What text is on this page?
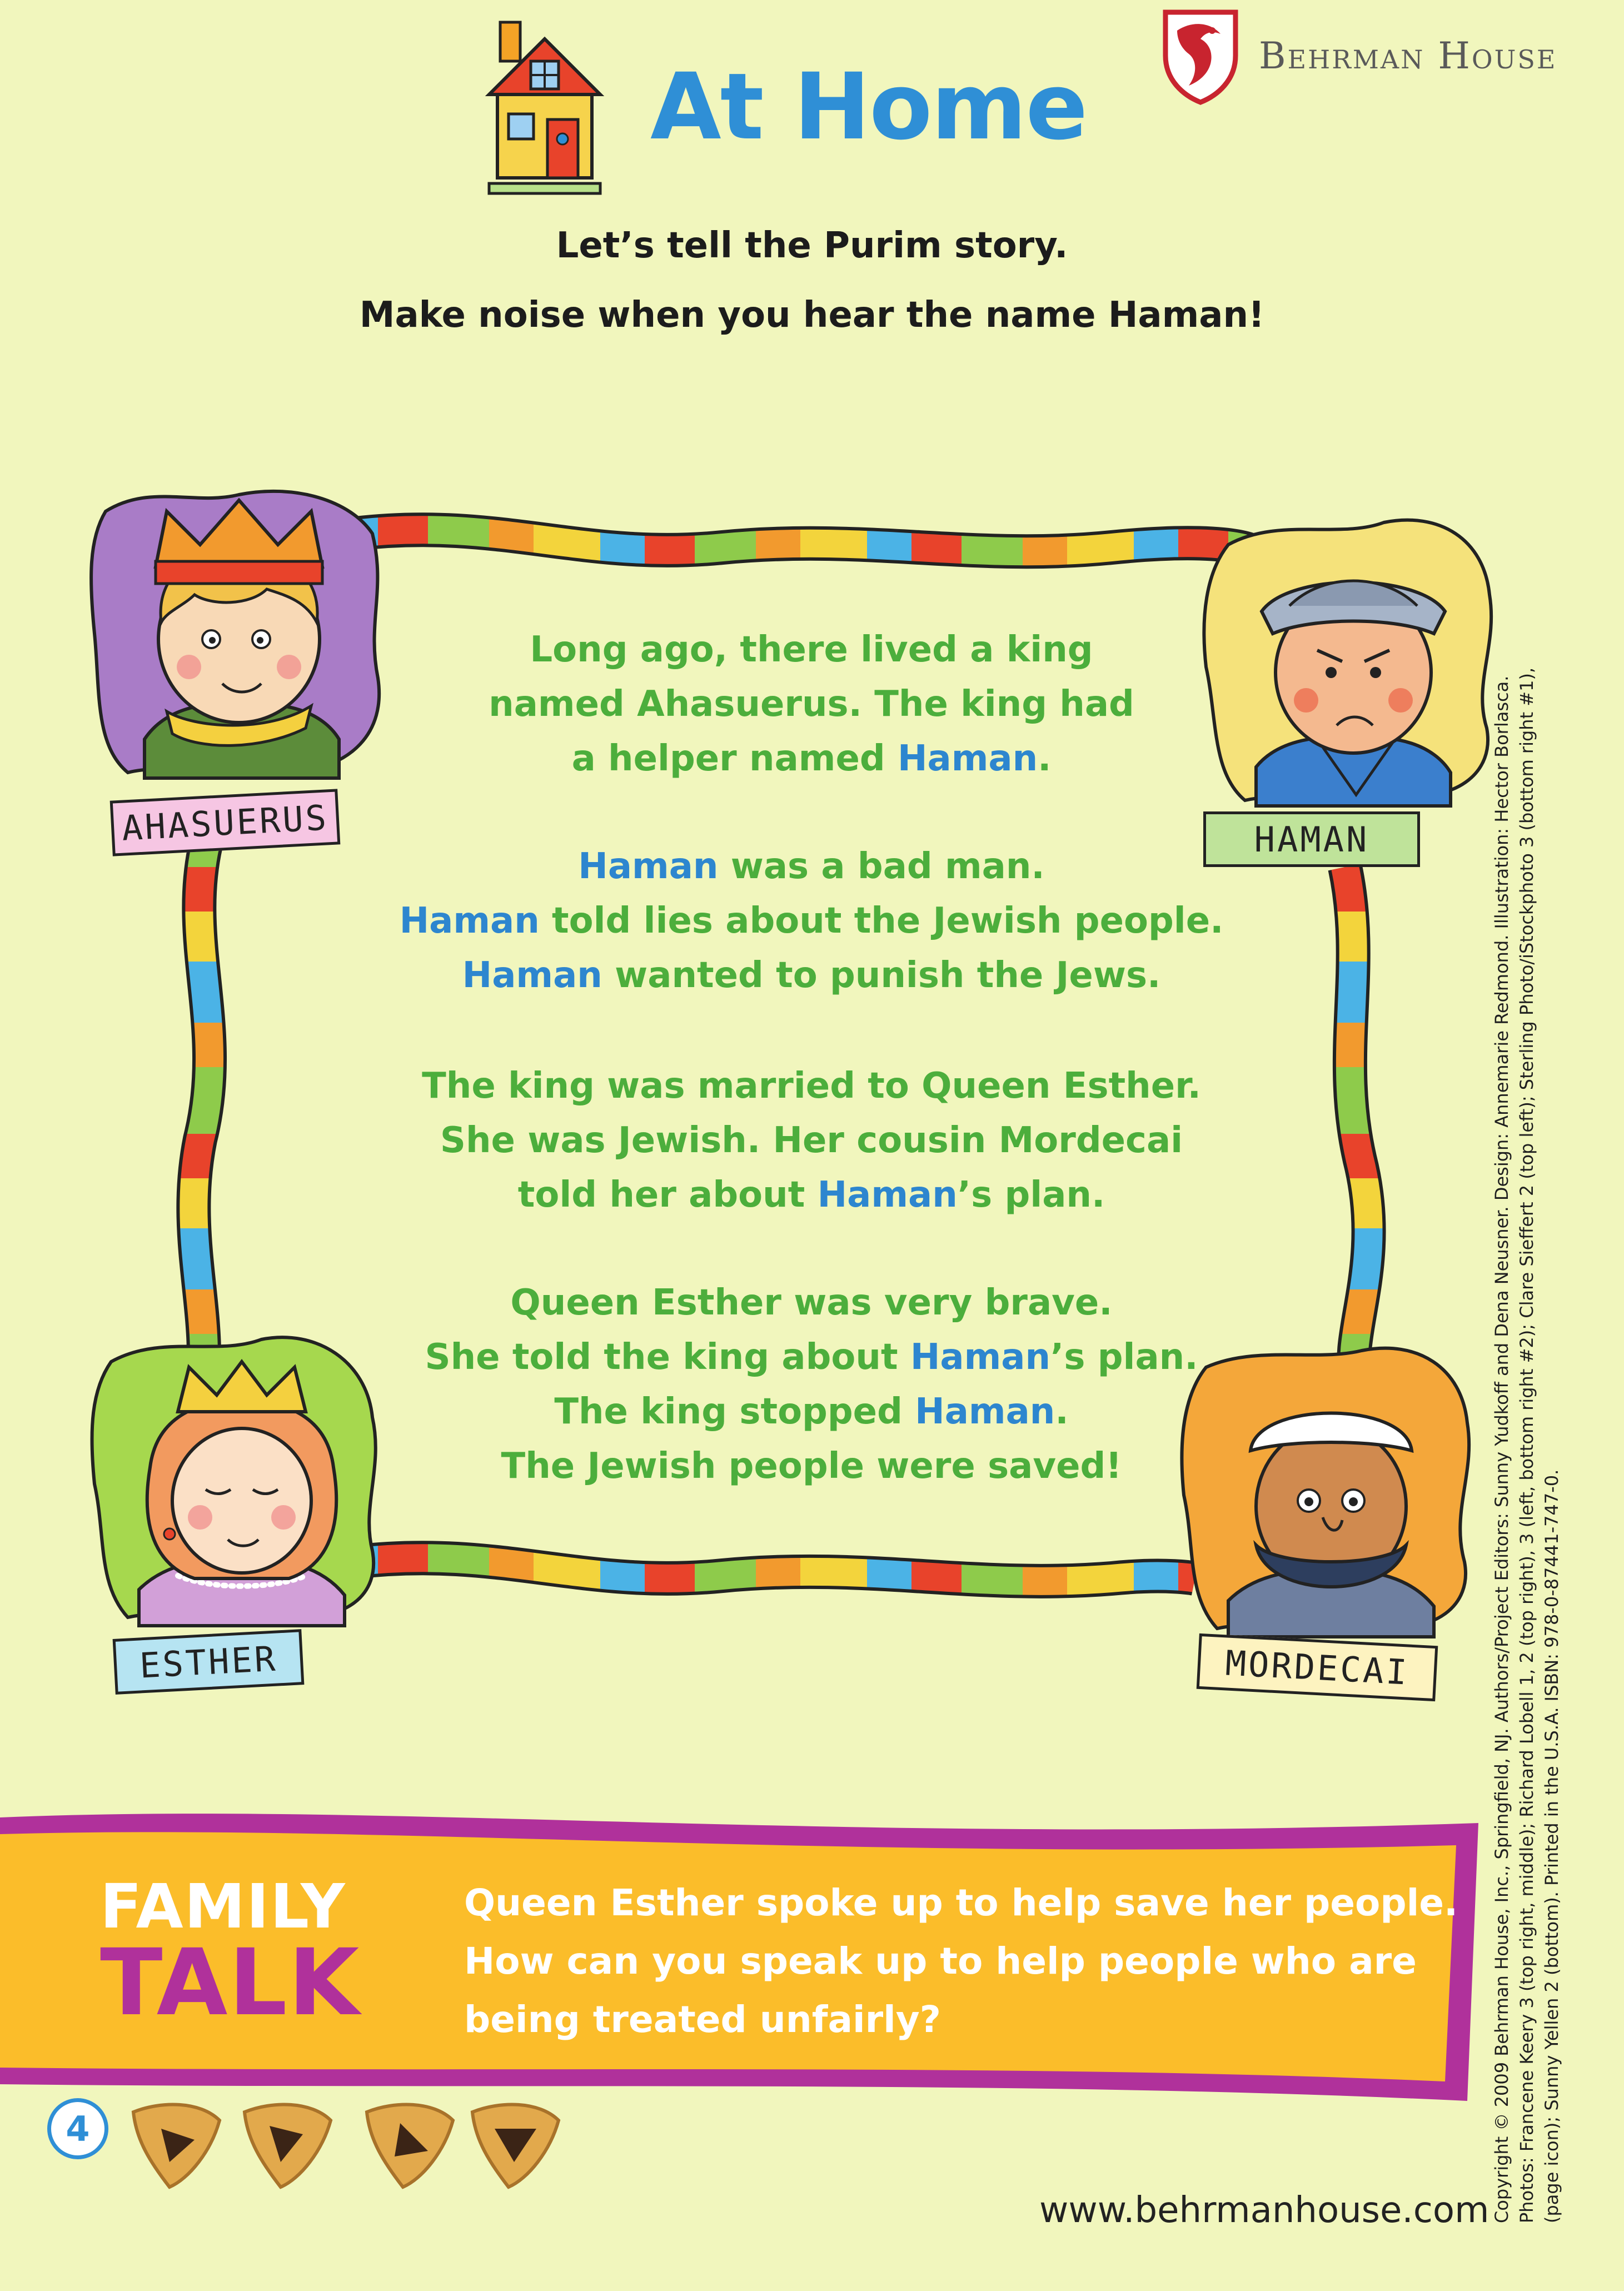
Behrman House
At Home
Let’s tell the Purim story.
Make noise when you hear the name Haman!
Long ago, there lived a king
named Ahasuerus. The king had
a helper named Haman.
Haman was a bad man.
Haman told lies about the Jewish people.
Haman wanted to punish the Jews.
The king was married to Queen Esther.
She was Jewish. Her cousin Mordecai
told her about Haman’s plan.
Queen Esther was very brave.
She told the king about Haman’s plan.
The king stopped Haman.
The Jewish people were saved!
AHASUERUS	HAMAN
ESTHER	MORDECAI
FAMILY
TALK
Queen Esther spoke up to help save her people.
How can you speak up to help people who are
being treated unfairly?
4
www.behrmanhouse.com Copyright © 2009 Behrman House, Inc., Springfield, NJ. Authors/Project Editors: Sunny Yudkoff and Dena Neusner. Design: Annemarie Redmond. Illustration: Hector Borlasca. Photos: Francene Keery 3 (top right, middle); Richard Lobell 1, 2 (top right), 3 (left, bottom right #2); Clare Sieffert 2 (top left); Sterling Photo/iStockphoto 3 (bottom right #1), (page icon); Sunny Yellen 2 (bottom). Printed in the U.S.A. ISBN: 978-0-87441-747-0.
